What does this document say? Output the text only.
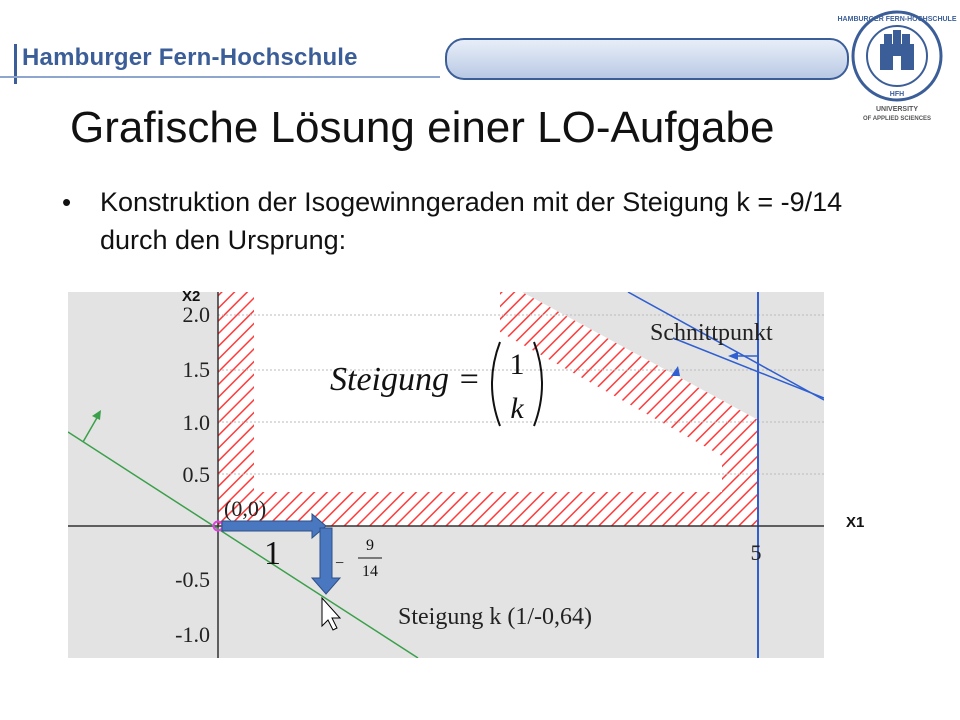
Hamburger Fern-Hochschule
HAMBURGER FERN-HOCHSCHULE
HFH
UNIVERSITY
OF APPLIED SCIENCES
Grafische Lösung einer LO-Aufgabe
• Konstruktion der Isogewinngeraden mit der Steigung k = -9/14 durch den Ursprung:
2.0
1.5
1.0
0.5
-0.5
-1.0
5
(0,0)
Schnittpunkt
Steigung k (1/-0,64)
Steigung = 1
k
1	−
9
14
X2
X1
